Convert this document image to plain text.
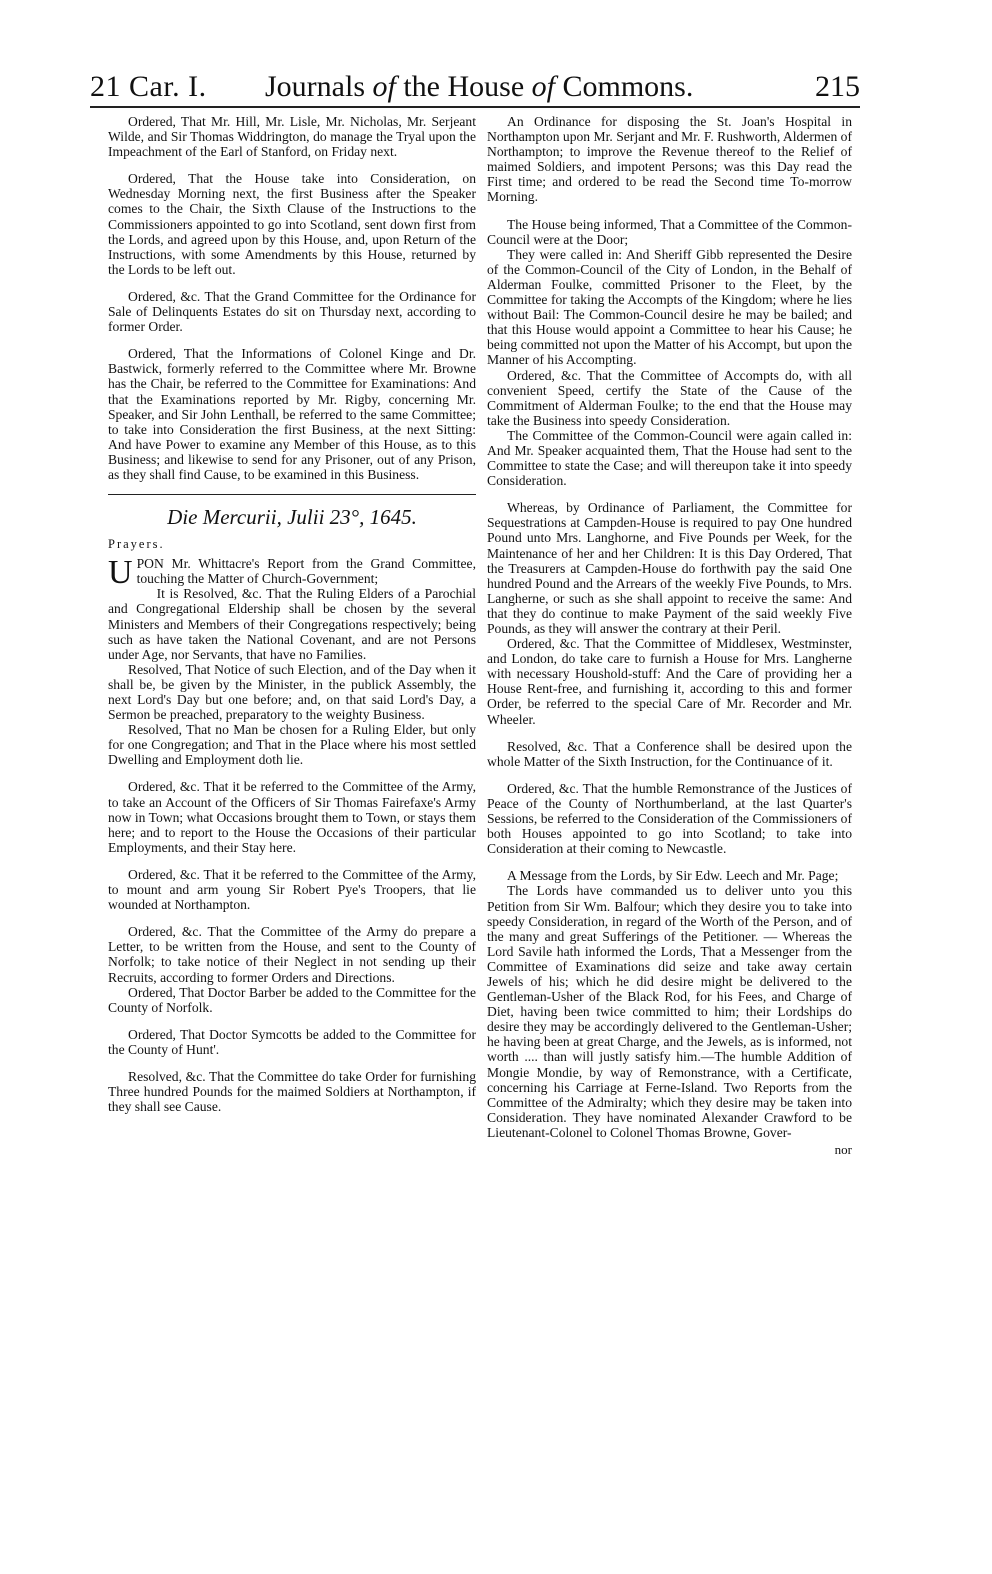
21 Car. I. Journals of the House of Commons.	215

Ordered, That Mr. Hill, Mr. Lisle, Mr. Nicholas, Mr. Serjeant Wilde, and Sir Thomas Widdrington, do manage the Tryal upon the Impeachment of the Earl of Stanford, on Friday next.

Ordered, That the House take into Consideration, on Wednesday Morning next, the first Business after the Speaker comes to the Chair, the Sixth Clause of the Instructions to the Commissioners appointed to go into Scotland, sent down first from the Lords, and agreed upon by this House, and, upon Return of the Instructions, with some Amendments by this House, returned by the Lords to be left out.

Ordered, &c. That the Grand Committee for the Ordinance for Sale of Delinquents Estates do sit on Thursday next, according to former Order.

Ordered, That the Informations of Colonel Kinge and Dr. Bastwick, formerly referred to the Committee where Mr. Browne has the Chair, be referred to the Committee for Examinations: And that the Examinations reported by Mr. Rigby, concerning Mr. Speaker, and Sir John Lenthall, be referred to the same Committee; to take into Consideration the first Business, at the next Sitting: And have Power to examine any Member of this House, as to this Business; and likewise to send for any Prisoner, out of any Prison, as they shall find Cause, to be examined in this Business.

Die Mercurii, Julii 23°, 1645.

Prayers.

UPON Mr. Whittacre's Report from the Grand Committee, touching the Matter of Church-Government;

It is Resolved, &c. That the Ruling Elders of a Parochial and Congregational Eldership shall be chosen by the several Ministers and Members of their Congregations respectively; being such as have taken the National Covenant, and are not Persons under Age, nor Servants, that have no Families.

Resolved, That Notice of such Election, and of the Day when it shall be, be given by the Minister, in the publick Assembly, the next Lord's Day but one before; and, on that said Lord's Day, a Sermon be preached, preparatory to the weighty Business.

Resolved, That no Man be chosen for a Ruling Elder, but only for one Congregation; and That in the Place where his most settled Dwelling and Employment doth lie.

Ordered, &c. That it be referred to the Committee of the Army, to take an Account of the Officers of Sir Thomas Fairefaxe's Army now in Town; what Occasions brought them to Town, or stays them here; and to report to the House the Occasions of their particular Employments, and their Stay here.

Ordered, &c. That it be referred to the Committee of the Army, to mount and arm young Sir Robert Pye's Troopers, that lie wounded at Northampton.

Ordered, &c. That the Committee of the Army do prepare a Letter, to be written from the House, and sent to the County of Norfolk; to take notice of their Neglect in not sending up their Recruits, according to former Orders and Directions.

Ordered, That Doctor Barber be added to the Committee for the County of Norfolk.

Ordered, That Doctor Symcotts be added to the Committee for the County of Hunt'.

Resolved, &c. That the Committee do take Order for furnishing Three hundred Pounds for the maimed Soldiers at Northampton, if they shall see Cause.

An Ordinance for disposing the St. Joan's Hospital in Northampton upon Mr. Serjant and Mr. F. Rushworth, Aldermen of Northampton; to improve the Revenue thereof to the Relief of maimed Soldiers, and impotent Persons; was this Day read the First time; and ordered to be read the Second time To-morrow Morning.

The House being informed, That a Committee of the Common-Council were at the Door;

They were called in: And Sheriff Gibb represented the Desire of the Common-Council of the City of London, in the Behalf of Alderman Foulke, committed Prisoner to the Fleet, by the Committee for taking the Accompts of the Kingdom; where he lies without Bail: The Common-Council desire he may be bailed; and that this House would appoint a Committee to hear his Cause; he being committed not upon the Matter of his Accompt, but upon the Manner of his Accompting.

Ordered, &c. That the Committee of Accompts do, with all convenient Speed, certify the State of the Cause of the Commitment of Alderman Foulke; to the end that the House may take the Business into speedy Consideration.

The Committee of the Common-Council were again called in: And Mr. Speaker acquainted them, That the House had sent to the Committee to state the Case; and will thereupon take it into speedy Consideration.

Whereas, by Ordinance of Parliament, the Committee for Sequestrations at Campden-House is required to pay One hundred Pound unto Mrs. Langhorne, and Five Pounds per Week, for the Maintenance of her and her Children: It is this Day Ordered, That the Treasurers at Campden-House do forthwith pay the said One hundred Pound and the Arrears of the weekly Five Pounds, to Mrs. Langherne, or such as she shall appoint to receive the same: And that they do continue to make Payment of the said weekly Five Pounds, as they will answer the contrary at their Peril.

Ordered, &c. That the Committee of Middlesex, Westminster, and London, do take care to furnish a House for Mrs. Langherne with necessary Houshold-stuff: And the Care of providing her a House Rent-free, and furnishing it, according to this and former Order, be referred to the special Care of Mr. Recorder and Mr. Wheeler.

Resolved, &c. That a Conference shall be desired upon the whole Matter of the Sixth Instruction, for the Continuance of it.

Ordered, &c. That the humble Remonstrance of the Justices of Peace of the County of Northumberland, at the last Quarter's Sessions, be referred to the Consideration of the Commissioners of both Houses appointed to go into Scotland; to take into Consideration at their coming to Newcastle.

A Message from the Lords, by Sir Edw. Leech and Mr. Page;

The Lords have commanded us to deliver unto you this Petition from Sir Wm. Balfour; which they desire you to take into speedy Consideration, in regard of the Worth of the Person, and of the many and great Sufferings of the Petitioner. — Whereas the Lord Savile hath informed the Lords, That a Messenger from the Committee of Examinations did seize and take away certain Jewels of his; which he did desire might be delivered to the Gentleman-Usher of the Black Rod, for his Fees, and Charge of Diet, having been twice committed to him; their Lordships do desire they may be accordingly delivered to the Gentleman-Usher; he having been at great Charge, and the Jewels, as is informed, not worth .... than will justly satisfy him.—The humble Addition of Mongie Mondie, by way of Remonstrance, with a Certificate, concerning his Carriage at Ferne-Island. Two Reports from the Committee of the Admiralty; which they desire may be taken into Consideration. They have nominated Alexander Crawford to be Lieutenant-Colonel to Colonel Thomas Browne, Gover-

nor
